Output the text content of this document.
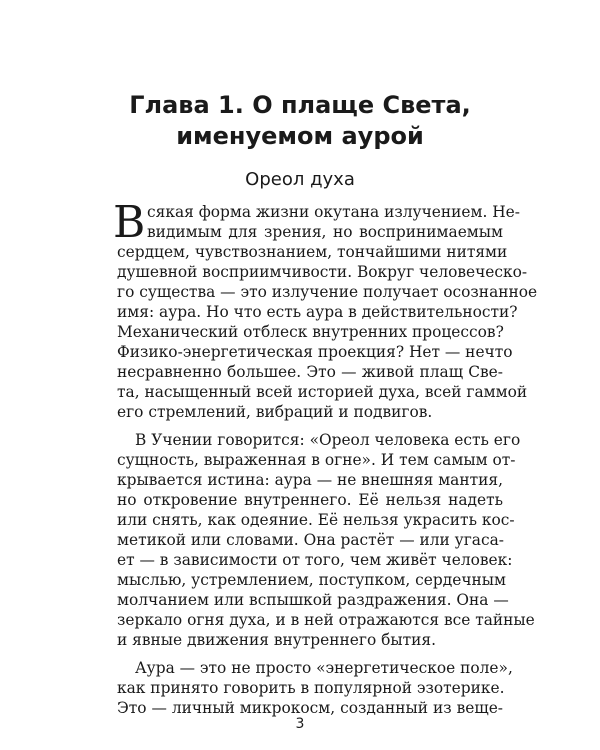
Глава 1. О плаще Света,
именуемом аурой
Ореол духа
В сякая форма жизни окутана излучением. Не-
видимым для зрения, но воспринимаемым
сердцем, чувствознанием, тончайшими нитями
душевной восприимчивости. Вокруг человеческо-
го существа — это излучение получает осознанное
имя: аура. Но что есть аура в действительности?
Механический отблеск внутренних процессов?
Физико-энергетическая проекция? Нет — нечто
несравненно большее. Это — живой плащ Све-
та, насыщенный всей историей духа, всей гаммой
его стремлений, вибраций и подвигов.
В Учении говорится: «Ореол человека есть его
сущность, выраженная в огне». И тем самым от-
крывается истина: аура — не внешняя мантия,
но откровение внутреннего. Её нельзя надеть
или снять, как одеяние. Её нельзя украсить кос-
метикой или словами. Она растёт — или угаса-
ет — в зависимости от того, чем живёт человек:
мыслью, устремлением, поступком, сердечным
молчанием или вспышкой раздражения. Она —
зеркало огня духа, и в ней отражаются все тайные
и явные движения внутреннего бытия.
Аура — это не просто «энергетическое поле»,
как принято говорить в популярной эзотерике.
Это — личный микрокосм, созданный из веще-
3
